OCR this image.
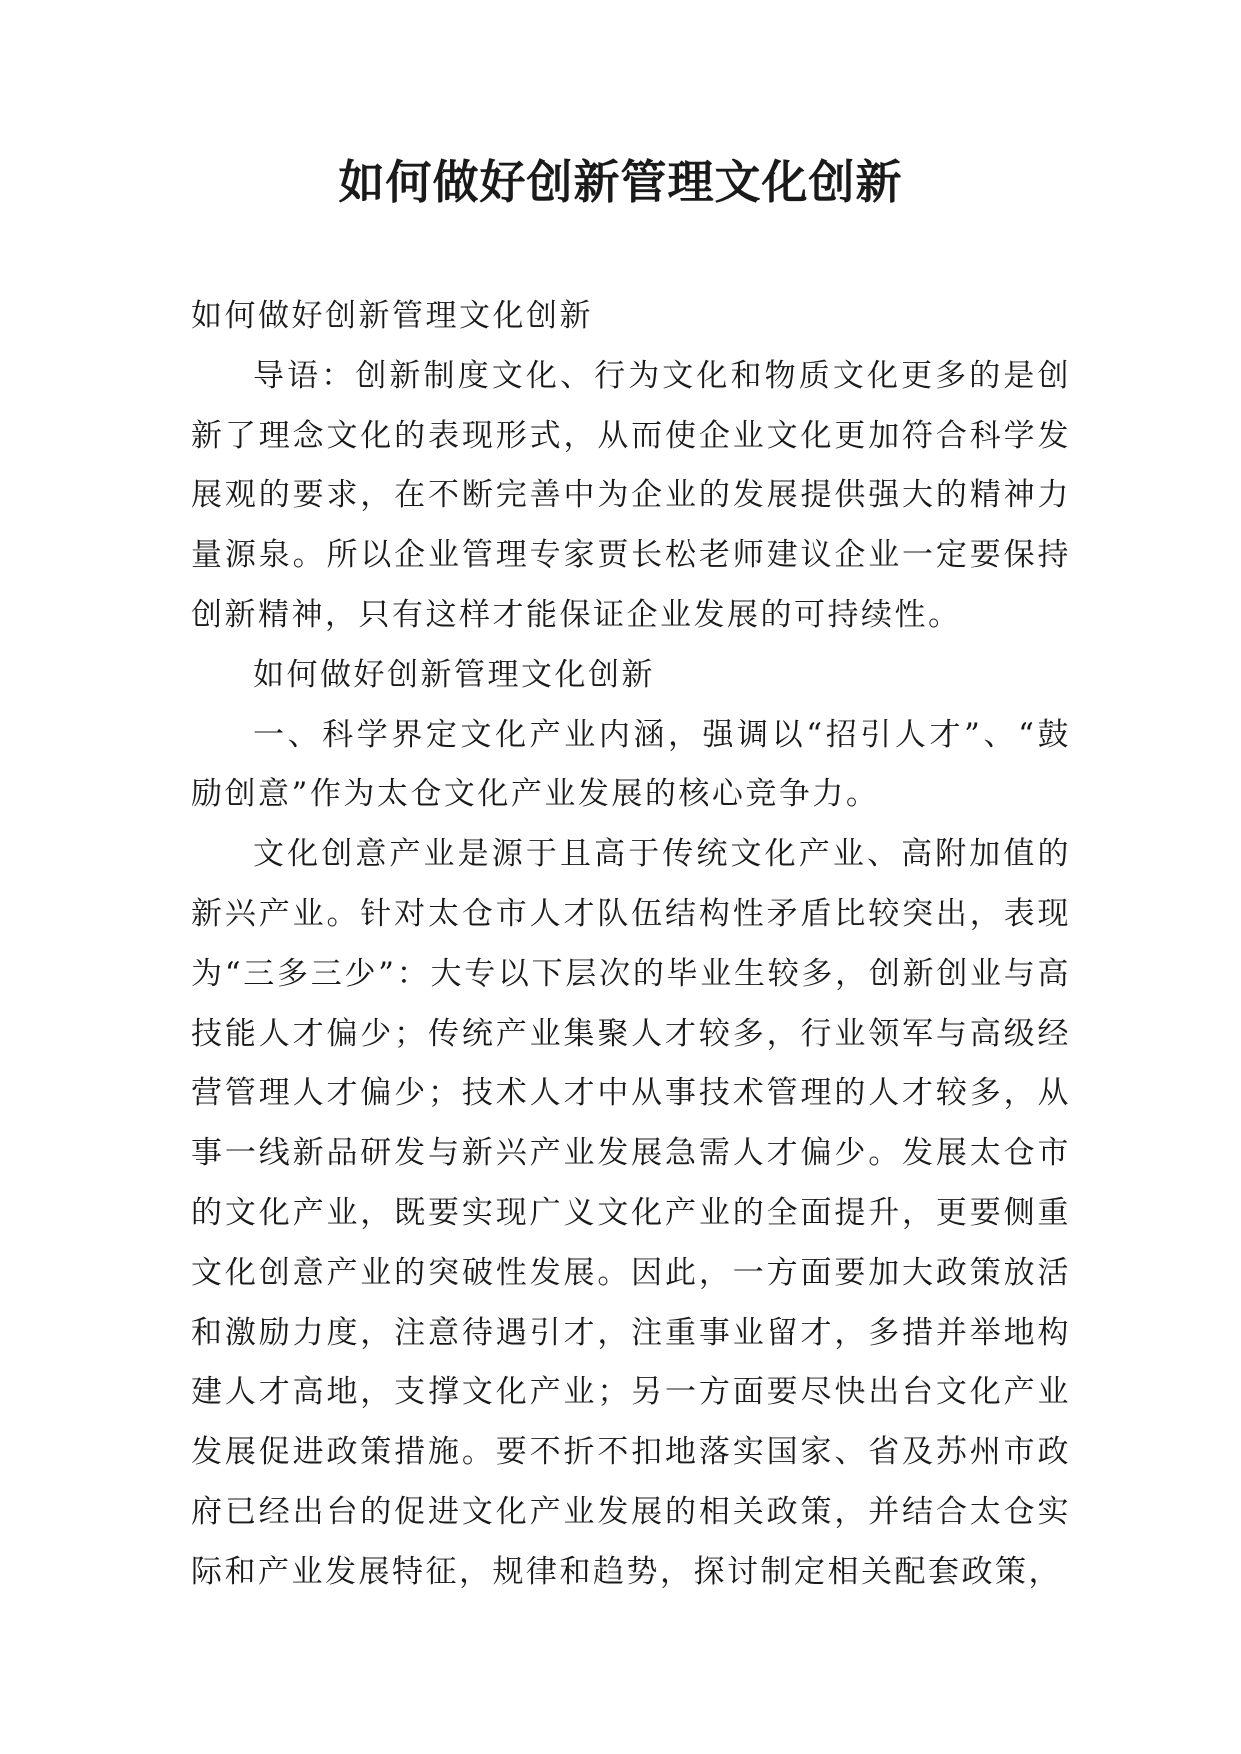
如何做好创新管理文化创新

如何做好创新管理文化创新

导语：创新制度文化、行为文化和物质文化更多的是创新了理念文化的表现形式，从而使企业文化更加符合科学发展观的要求，在不断完善中为企业的发展提供强大的精神力量源泉。所以企业管理专家贾长松老师建议企业一定要保持创新精神，只有这样才能保证企业发展的可持续性。

如何做好创新管理文化创新

一、科学界定文化产业内涵，强调以“招引人才”、“鼓励创意”作为太仓文化产业发展的核心竞争力。

文化创意产业是源于且高于传统文化产业、高附加值的新兴产业。针对太仓市人才队伍结构性矛盾比较突出，表现为“三多三少”：大专以下层次的毕业生较多，创新创业与高技能人才偏少；传统产业集聚人才较多，行业领军与高级经营管理人才偏少；技术人才中从事技术管理的人才较多，从事一线新品研发与新兴产业发展急需人才偏少。发展太仓市的文化产业，既要实现广义文化产业的全面提升，更要侧重文化创意产业的突破性发展。因此，一方面要加大政策放活和激励力度，注意待遇引才，注重事业留才，多措并举地构建人才高地，支撑文化产业；另一方面要尽快出台文化产业发展促进政策措施。要不折不扣地落实国家、省及苏州市政府已经出台的促进文化产业发展的相关政策，并结合太仓实际和产业发展特征，规律和趋势，探讨制定相关配套政策，
